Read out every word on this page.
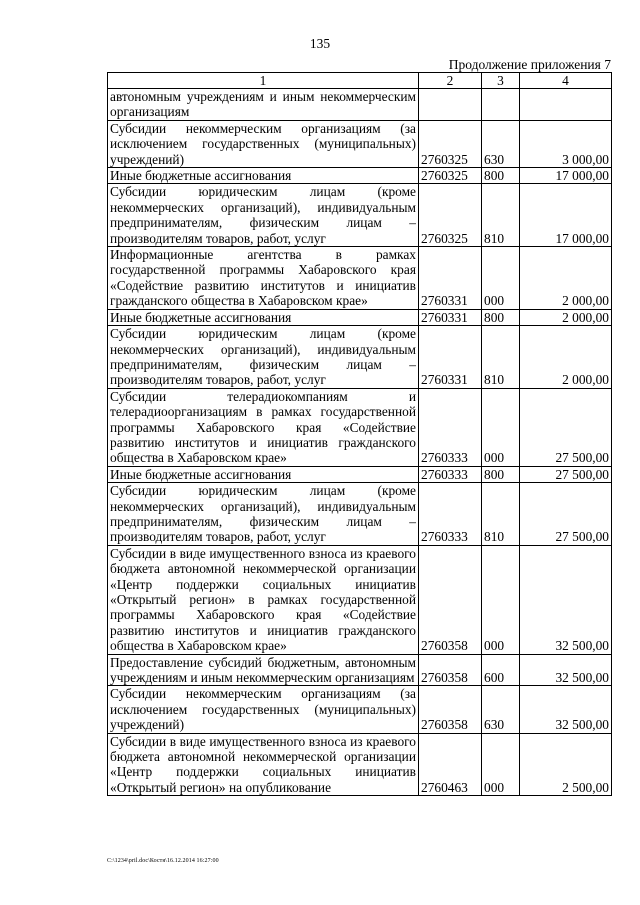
135
Продолжение приложения 7
1	2	3	4
автономным учреждениям и иным некоммерческим организациям			
Субсидии некоммерческим организациям (за исключением государственных (муниципальных) учреждений)	2760325	630	3 000,00
Иные бюджетные ассигнования	2760325	800	17 000,00
Субсидии юридическим лицам (кроме некоммерческих организаций), индивидуальным предпринимателям, физическим лицам – производителям товаров, работ, услуг	2760325	810	17 000,00
Информационные агентства в рамках государственной программы Хабаровского края «Содействие развитию институтов и инициатив гражданского общества в Хабаровском крае»	2760331	000	2 000,00
Иные бюджетные ассигнования	2760331	800	2 000,00
Субсидии юридическим лицам (кроме некоммерческих организаций), индивидуальным предпринимателям, физическим лицам – производителям товаров, работ, услуг	2760331	810	2 000,00
Субсидии телерадиокомпаниям и телерадиоорганизациям в рамках государственной программы Хабаровского края «Содействие развитию институтов и инициатив гражданского общества в Хабаровском крае»	2760333	000	27 500,00
Иные бюджетные ассигнования	2760333	800	27 500,00
Субсидии юридическим лицам (кроме некоммерческих организаций), индивидуальным предпринимателям, физическим лицам – производителям товаров, работ, услуг	2760333	810	27 500,00
Субсидии в виде имущественного взноса из краевого бюджета автономной некоммерческой организации «Центр поддержки социальных инициатив «Открытый регион» в рамках государственной программы Хабаровского края «Содействие развитию институтов и инициатив гражданского общества в Хабаровском крае»	2760358	000	32 500,00
Предоставление субсидий бюджетным, автономным учреждениям и иным некоммерческим организациям	2760358	600	32 500,00
Субсидии некоммерческим организациям (за исключением государственных (муниципальных) учреждений)	2760358	630	32 500,00
Субсидии в виде имущественного взноса из краевого бюджета автономной некоммерческой организации «Центр поддержки социальных инициатив «Открытый регион» на опубликование	2760463	000	2 500,00
C:\1234\pril.doc\Костя\16.12.2014 16:27:00
